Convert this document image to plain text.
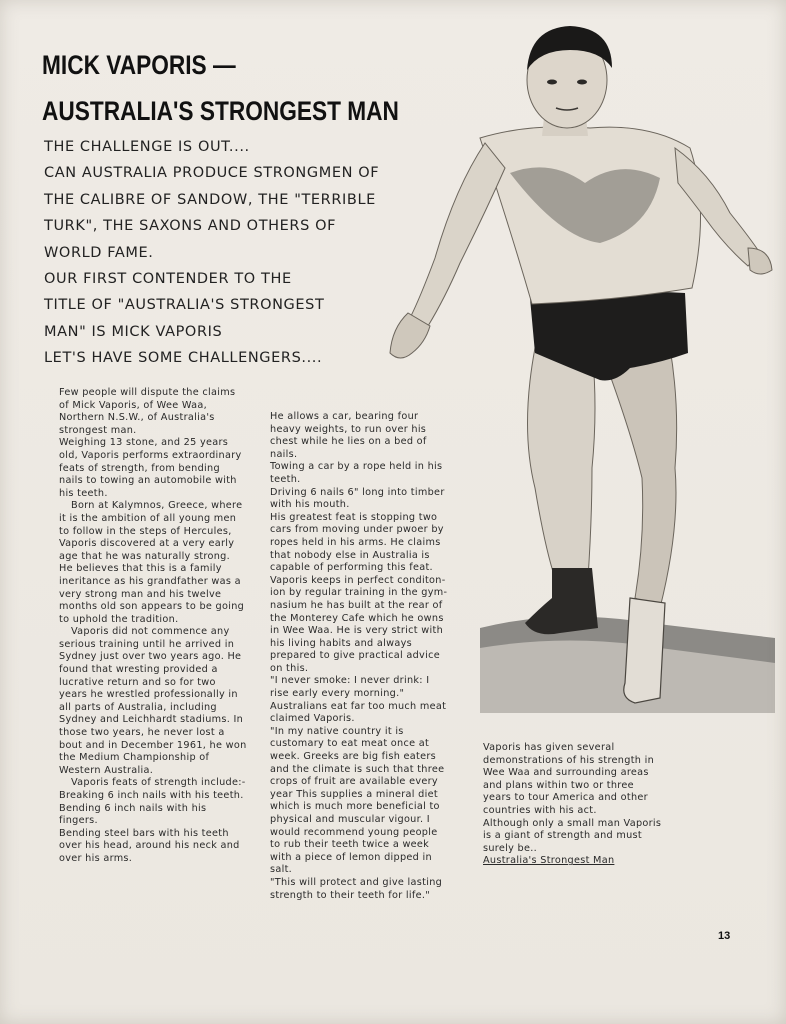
MICK VAPORIS —
AUSTRALIA'S STRONGEST MAN
THE CHALLENGE IS OUT....
CAN AUSTRALIA PRODUCE STRONGMEN OF
THE CALIBRE OF SANDOW, THE "TERRIBLE
TURK", THE SAXONS AND OTHERS OF
WORLD FAME.
OUR FIRST CONTENDER TO THE
TITLE OF "AUSTRALIA'S STRONGEST
MAN" IS MICK VAPORIS
LET'S HAVE SOME CHALLENGERS....

Few people will dispute the claims of Mick Vaporis, of Wee Waa, Northern N.S.W., of Australia's strongest man.

Weighing 13 stone, and 25 years old, Vaporis performs extraordinary feats of strength, from bending nails to towing an automobile with his teeth.

Born at Kalymnos, Greece, where it is the ambition of all young men to follow in the steps of Hercules, Vaporis discovered at a very early age that he was naturally strong. He believes that this is a family ineritance as his grandfather was a very strong man and his twelve months old son appears to be going to uphold the tradition.

Vaporis did not commence any serious training until he arrived in Sydney just over two years ago. He found that wresting provided a lucrative return and so for two years he wrestled professionally in all parts of Australia, including Sydney and Leichhardt stadiums. In those two years, he never lost a bout and in December 1961, he won the Medium Championship of Western Australia.

Vaporis feats of strength include:-

Breaking 6 inch nails with his teeth.

Bending 6 inch nails with his fingers.

Bending steel bars with his teeth over his head, around his neck and over his arms.

He allows a car, bearing four heavy weights, to run over his chest while he lies on a bed of nails.

Towing a car by a rope held in his teeth.

Driving 6 nails 6" long into timber with his mouth.

His greatest feat is stopping two cars from moving under pwoer by ropes held in his arms. He claims that nobody else in Australia is capable of performing this feat.

Vaporis keeps in perfect conditon-ion by regular training in the gym-nasium he has built at the rear of the Monterey Cafe which he owns in Wee Waa. He is very strict with his living habits and always prepared to give practical advice on this.

"I never smoke: I never drink: I rise early every morning."

Australians eat far too much meat claimed Vaporis.

"In my native country it is customary to eat meat once at week. Greeks are big fish eaters and the climate is such that three crops of fruit are available every year This supplies a mineral diet which is much more beneficial to physical and muscular vigour. I would recommend young people to rub their teeth twice a week with a piece of lemon dipped in salt.

"This will protect and give lasting strength to their teeth for life."

Vaporis has given several demonstrations of his strength in Wee Waa and surrounding areas and plans within two or three years to tour America and other countries with his act.

Although only a small man Vaporis is a giant of strength and must surely be..

Australia's Strongest Man

13
